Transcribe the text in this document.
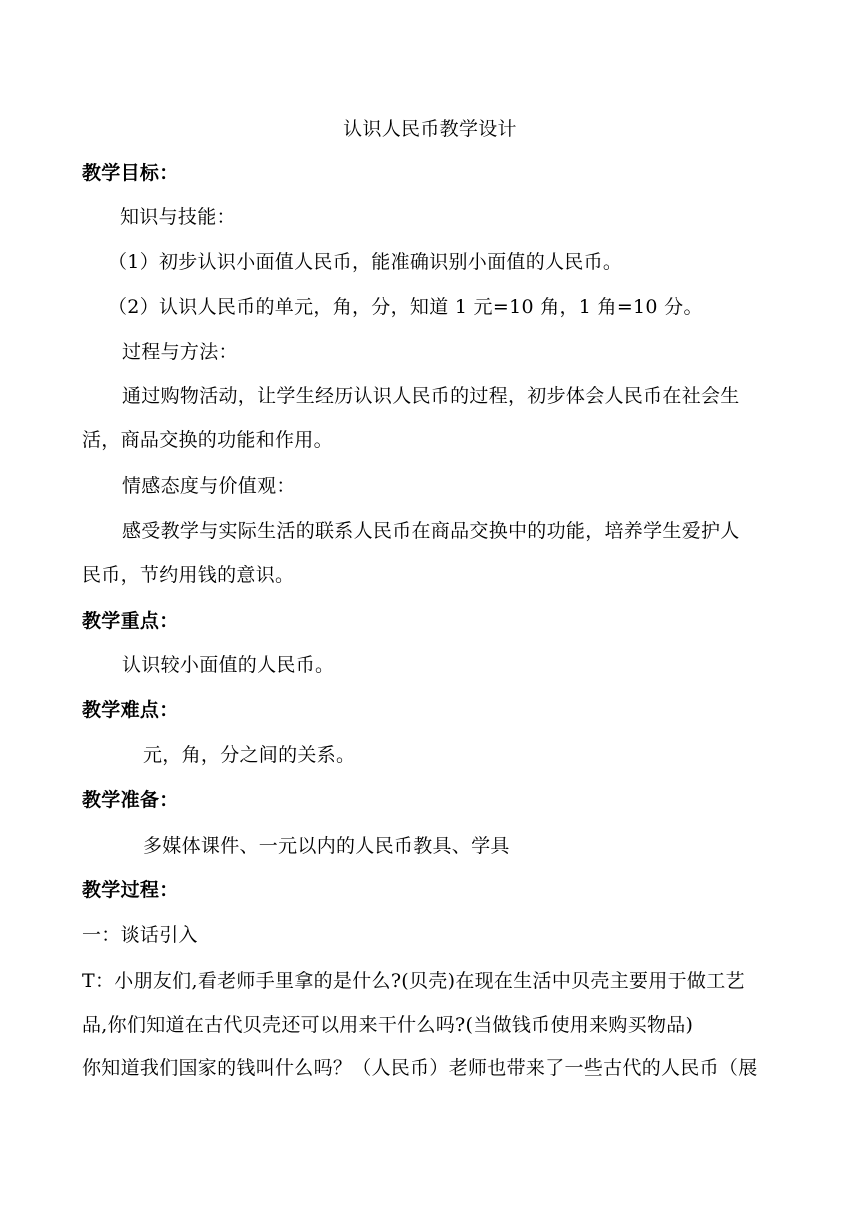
认识人民币教学设计
教学目标：
知识与技能：
（1）初步认识小面值人民币，能准确识别小面值的人民币。
（2）认识人民币的单元，角，分，知道 1 元=10 角，1 角=10 分。
过程与方法：
通过购物活动，让学生经历认识人民币的过程，初步体会人民币在社会生
活，商品交换的功能和作用。
情感态度与价值观：
感受教学与实际生活的联系人民币在商品交换中的功能，培养学生爱护人
民币，节约用钱的意识。
教学重点：
认识较小面值的人民币。
教学难点：
元，角，分之间的关系。
教学准备：
多媒体课件、一元以内的人民币教具、学具
教学过程：
一：谈话引入
T：小朋友们,看老师手里拿的是什么?(贝壳)在现在生活中贝壳主要用于做工艺
品,你们知道在古代贝壳还可以用来干什么吗?(当做钱币使用来购买物品)
你知道我们国家的钱叫什么吗？（人民币）老师也带来了一些古代的人民币（展
